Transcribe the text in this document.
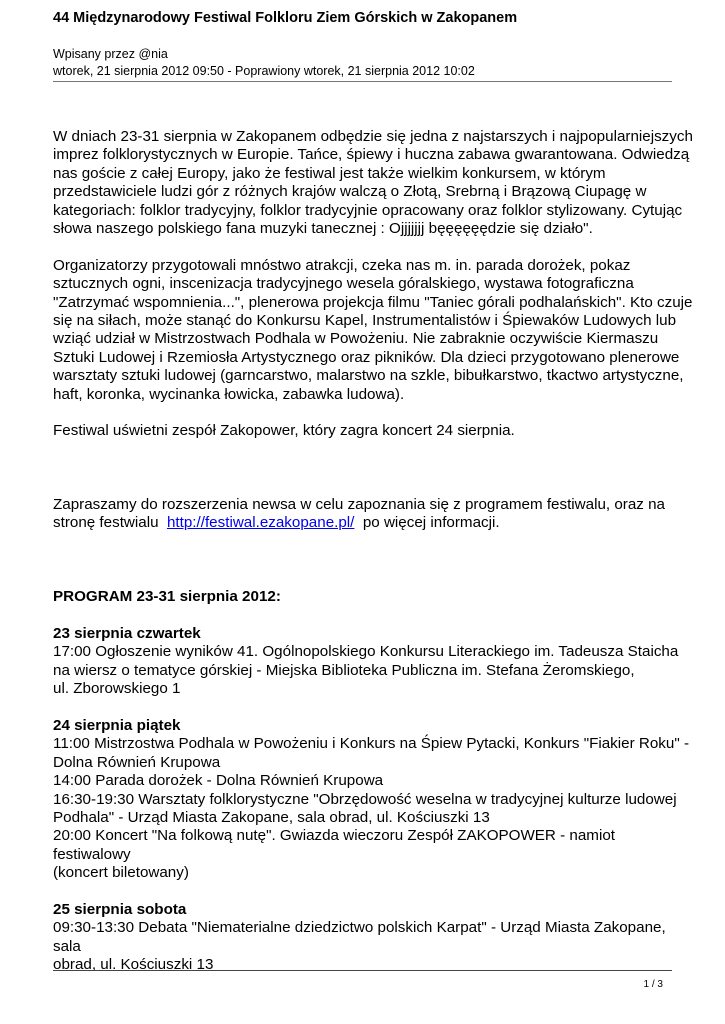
44 Międzynarodowy Festiwal Folkloru Ziem Górskich w Zakopanem
Wpisany przez @nia
wtorek, 21 sierpnia 2012 09:50 - Poprawiony wtorek, 21 sierpnia 2012 10:02

W dniach 23-31 sierpnia w Zakopanem odbędzie się jedna z najstarszych i najpopularniejszych

imprez folklorystycznych w Europie. Tańce, śpiewy i huczna zabawa gwarantowana. Odwiedzą

nas goście z całej Europy, jako że festiwal jest także wielkim konkursem, w którym

przedstawiciele ludzi gór z różnych krajów walczą o Złotą, Srebrną i Brązową Ciupagę w

kategoriach: folklor tradycyjny, folklor tradycyjnie opracowany oraz folklor stylizowany. Cytując

słowa naszego polskiego fana muzyki tanecznej : Ojjjjjjj bęęęęęędzie się działo".

Organizatorzy przygotowali mnóstwo atrakcji, czeka nas m. in. parada dorożek, pokaz

sztucznych ogni, inscenizacja tradycyjnego wesela góralskiego, wystawa fotograficzna

"Zatrzymać wspomnienia...", plenerowa projekcja filmu "Taniec górali podhalańskich". Kto czuje

się na siłach, może stanąć do Konkursu Kapel, Instrumentalistów i Śpiewaków Ludowych lub

wziąć udział w Mistrzostwach Podhala w Powożeniu. Nie zabraknie oczywiście Kiermaszu

Sztuki Ludowej i Rzemiosła Artystycznego oraz pikników. Dla dzieci przygotowano plenerowe

warsztaty sztuki ludowej (garncarstwo, malarstwo na szkle, bibułkarstwo, tkactwo artystyczne,

haft, koronka, wycinanka łowicka, zabawka ludowa).

Festiwal uświetni zespół Zakopower, który zagra koncert 24 sierpnia.

Zapraszamy do rozszerzenia newsa w celu zapoznania się z programem festiwalu, oraz na

stronę festwialu  http://festiwal.ezakopane.pl/  po więcej informacji.

PROGRAM 23-31 sierpnia 2012:

23 sierpnia czwartek

17:00 Ogłoszenie wyników 41. Ogólnopolskiego Konkursu Literackiego im. Tadeusza Staicha

na wiersz o tematyce górskiej - Miejska Biblioteka Publiczna im. Stefana Żeromskiego,

ul. Zborowskiego 1

24 sierpnia piątek

11:00 Mistrzostwa Podhala w Powożeniu i Konkurs na Śpiew Pytacki, Konkurs "Fiakier Roku" -

Dolna Równień Krupowa

14:00 Parada dorożek - Dolna Równień Krupowa

16:30-19:30 Warsztaty folklorystyczne "Obrzędowość weselna w tradycyjnej kulturze ludowej

Podhala" - Urząd Miasta Zakopane, sala obrad, ul. Kościuszki 13

20:00 Koncert "Na folkową nutę". Gwiazda wieczoru Zespół ZAKOPOWER - namiot festiwalowy

(koncert biletowany)

25 sierpnia sobota

09:30-13:30 Debata "Niematerialne dziedzictwo polskich Karpat" - Urząd Miasta Zakopane, sala

obrad, ul. Kościuszki 13

1 / 3
